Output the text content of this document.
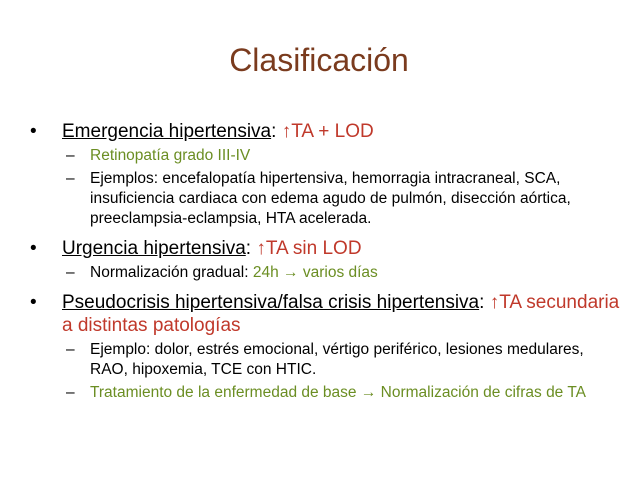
Clasificación
• Emergencia hipertensiva: ↑TA + LOD
– Retinopatía grado III-IV
– Ejemplos: encefalopatía hipertensiva, hemorragia intracraneal, SCA, insuficiencia cardiaca con edema agudo de pulmón, disección aórtica, preeclampsia-eclampsia, HTA acelerada.
• Urgencia hipertensiva: ↑TA sin LOD
– Normalización gradual: 24h → varios días
• Pseudocrisis hipertensiva/falsa crisis hipertensiva: ↑TA secundaria a distintas patologías
– Ejemplo: dolor, estrés emocional, vértigo periférico, lesiones medulares, RAO, hipoxemia, TCE con HTIC.
– Tratamiento de la enfermedad de base → Normalización de cifras de TA
